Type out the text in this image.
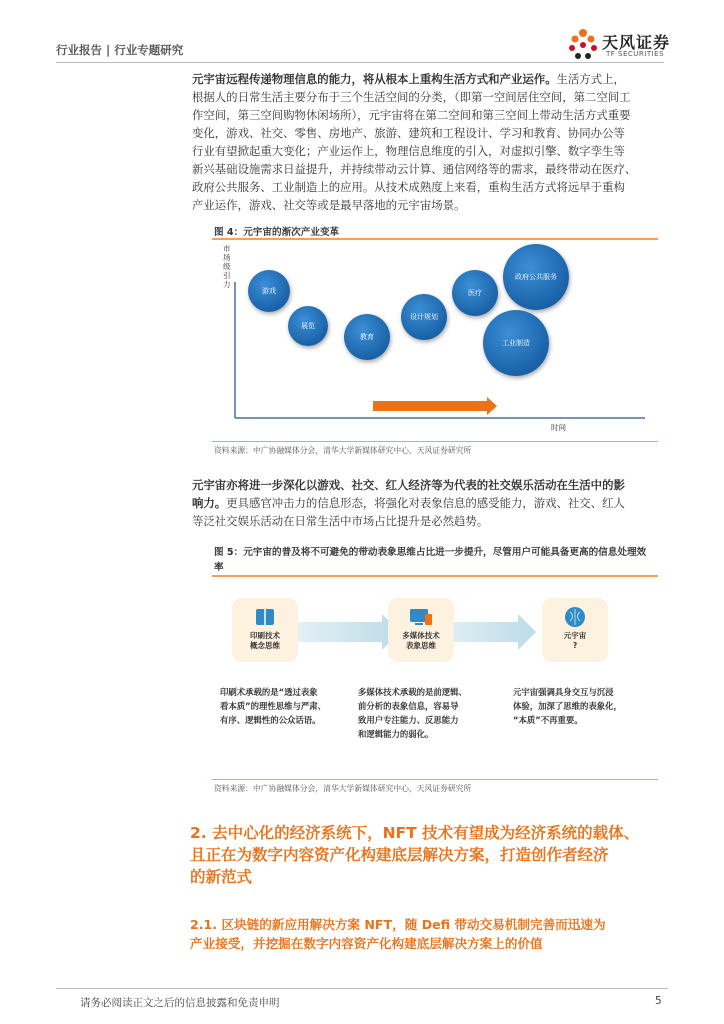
行业报告 | 行业专题研究	天风证券
TF SECURITIES
元宇宙远程传递物理信息的能力，将从根本上重构生活方式和产业运作。生活方式上，
根据人的日常生活主要分布于三个生活空间的分类，（即第一空间居住空间，第二空间工
作空间，第三空间购物休闲场所），元宇宙将在第二空间和第三空间上带动生活方式重要
变化，游戏、社交、零售、房地产、旅游、建筑和工程设计、学习和教育、协同办公等
行业有望掀起重大变化；产业运作上，物理信息维度的引入，对虚拟引擎、数字孪生等
新兴基础设施需求日益提升，并持续带动云计算、通信网络等的需求，最终带动在医疗、
政府公共服务、工业制造上的应用。从技术成熟度上来看，重构生活方式将远早于重构
产业运作，游戏、社交等或是最早落地的元宇宙场景。
图 4：元宇宙的渐次产业变革
市场级引力
游戏
展览
教育
设计规划
医疗
政府公共服务
工业制造
时间
资料来源：中广协融媒体分会，清华大学新媒体研究中心，天风证券研究所
元宇宙亦将进一步深化以游戏、社交、红人经济等为代表的社交娱乐活动在生活中的影
响力。更具感官冲击力的信息形态，将强化对表象信息的感受能力，游戏、社交、红人
等泛社交娱乐活动在日常生活中市场占比提升是必然趋势。
图 5：元宇宙的普及将不可避免的带动表象思维占比进一步提升，尽管用户可能具备更高的信息处理效
率
印刷技术
概念思维
多媒体技术
表象思维
元宇宙
?
印刷术承载的是“透过表象
看本质”的理性思维与严肃、
有序、逻辑性的公众话语。
多媒体技术承载的是前逻辑、
前分析的表象信息，容易导
致用户专注能力、反思能力
和逻辑能力的弱化。
元宇宙强调具身交互与沉浸
体验，加深了思维的表象化，
“本质”不再重要。
资料来源：中广协融媒体分会，清华大学新媒体研究中心，天风证券研究所
2. 去中心化的经济系统下，NFT 技术有望成为经济系统的载体、
且正在为数字内容资产化构建底层解决方案，打造创作者经济
的新范式
2.1. 区块链的新应用解决方案 NFT，随 Defi 带动交易机制完善而迅速为
产业接受，并挖掘在数字内容资产化构建底层解决方案上的价值
请务必阅读正文之后的信息披露和免责申明	5
